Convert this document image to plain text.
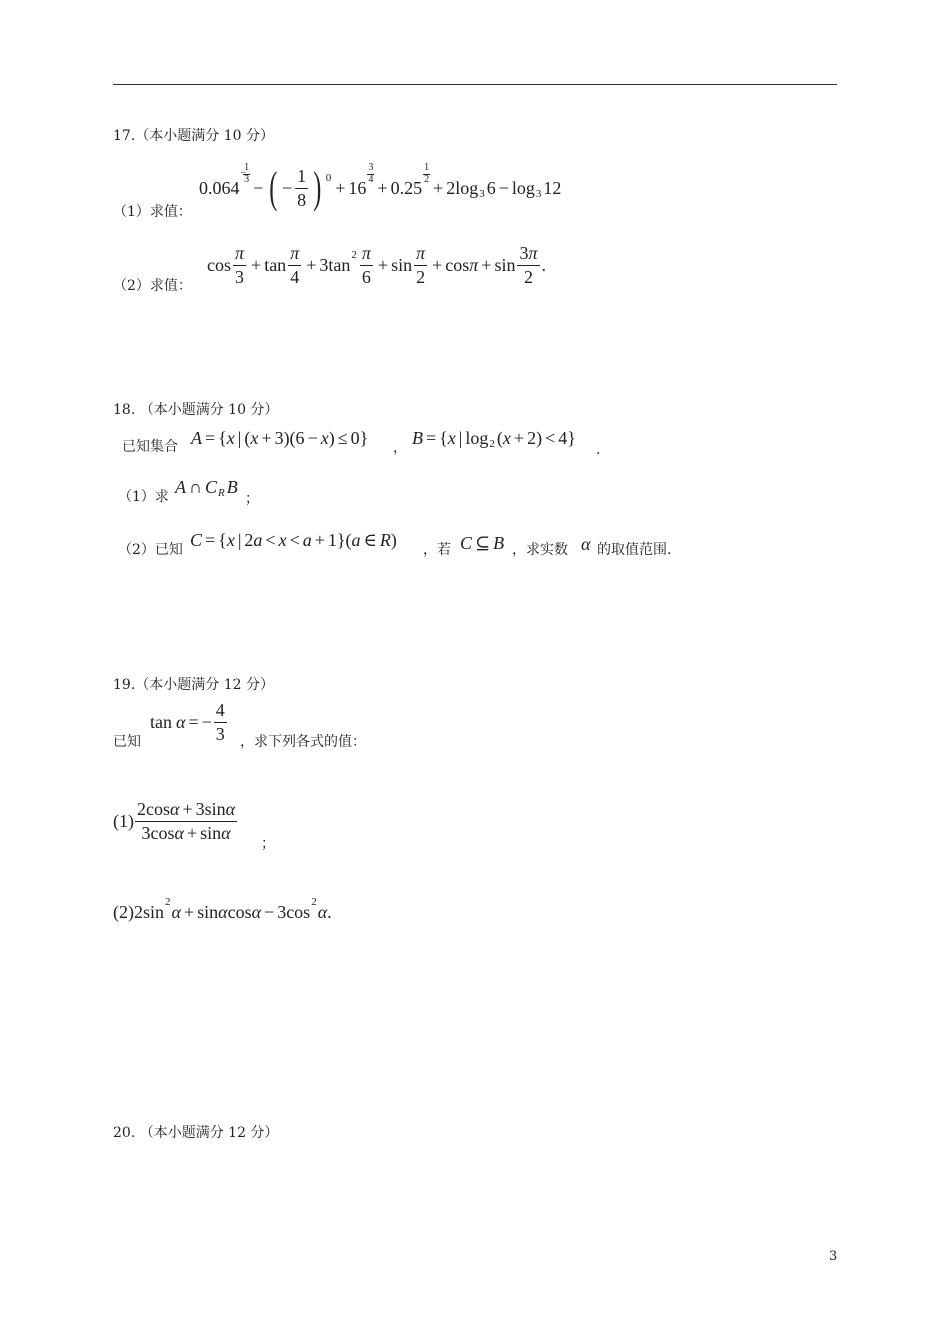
17.（本小题满分 10 分）
0.064
−
$\frac{1}{3}$
− ( − $\frac{1}{8}$ ) 0
+ 16
$\frac{3}{4}$
+ 0.25
$\frac{1}{2}$
+ 2log 3 6 − log 3 12
（1）求值：
$\cos \frac{\pi}{3} + \tan \frac{\pi}{4} + 3\tan$
$2 \frac{\pi}{6} + \sin \frac{\pi}{2} + \cos \pi + \sin \frac{3\pi}{2}$ .
（2）求值：
18. （本小题满分 10 分）
已知集合 A = { x | ( x + 3)(6 − x ) ≤ 0} ， B = { x | log 2 ( x + 2) < 4}
.
（1）求 A ∩ C R B
；
（2）已知 C = { x | 2 a < x < a + 1} ( a ∈ R ) ，若 C ⊆ B ，求实数 α 的取值范围.
19.（本小题满分 12 分）
tan α = − $\frac{4}{3}$
已知	，求下列各式的值：
$(1) \frac{2\cos\alpha + 3\sin\alpha}{3\cos\alpha + \sin\alpha}$
；
(2)2sin
2
α + sin α cos α − 3cos
2
α .
20. （本小题满分 12 分）
3
